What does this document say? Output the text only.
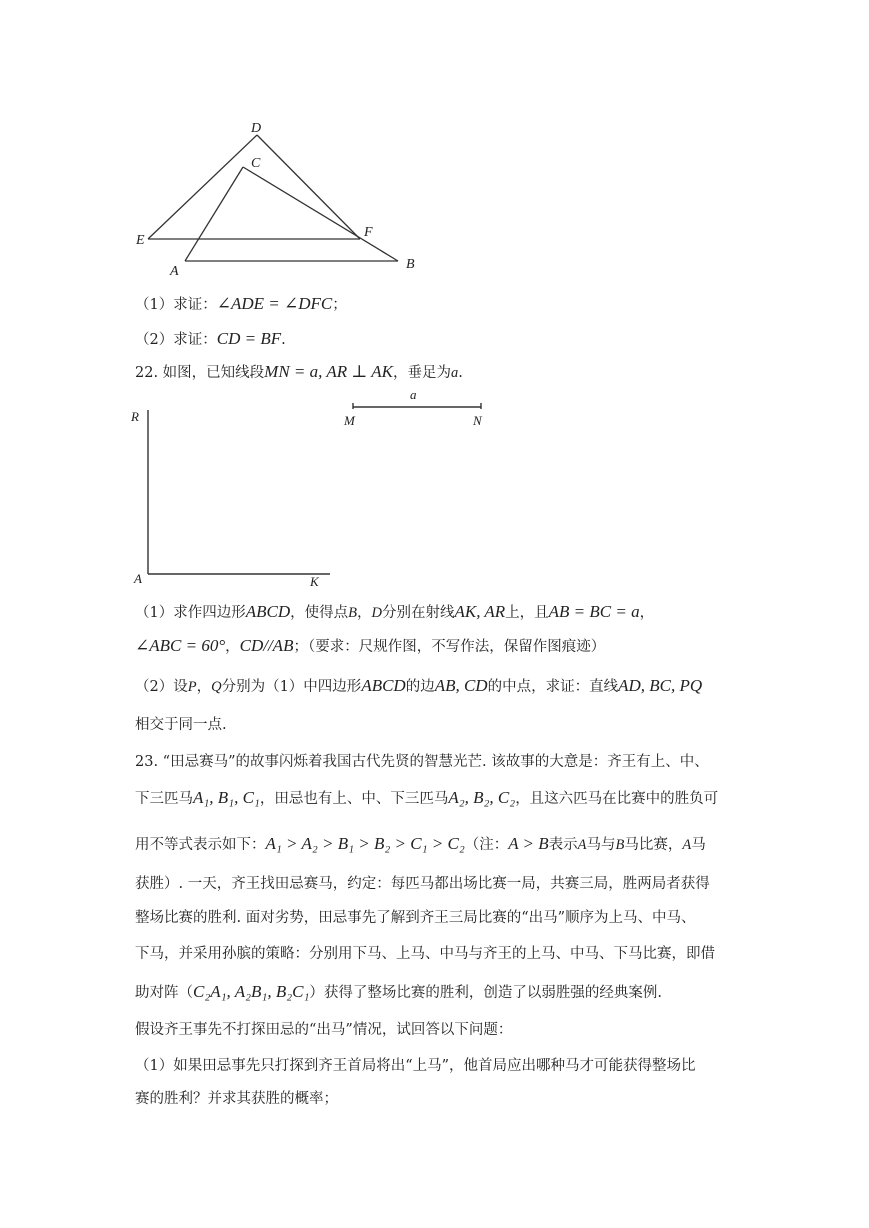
D
C
E
F
A	B
（1）求证：∠ADE = ∠DFC；
（2）求证：CD = BF.
22. 如图，已知线段MN = a, AR ⊥ AK，垂足为a.
R
A	K
M	N
a
（1）求作四边形ABCD，使得点B，D分别在射线AK, AR上，且AB = BC = a，
∠ABC = 60°，CD//AB；（要求：尺规作图，不写作法，保留作图痕迹）
（2）设P，Q分别为（1）中四边形ABCD的边AB, CD的中点，求证：直线AD, BC, PQ
相交于同一点.
23. “田忌赛马”的故事闪烁着我国古代先贤的智慧光芒. 该故事的大意是：齐王有上、中、
下三匹马A₁, B₁, C₁，田忌也有上、中、下三匹马A₂, B₂, C₂，且这六匹马在比赛中的胜负可
用不等式表示如下：A₁ > A₂ > B₁ > B₂ > C₁ > C₂（注：A > B表示A马与B马比赛，A马
获胜）. 一天，齐王找田忌赛马，约定：每匹马都出场比赛一局，共赛三局，胜两局者获得
整场比赛的胜利. 面对劣势，田忌事先了解到齐王三局比赛的“出马”顺序为上马、中马、
下马，并采用孙膑的策略：分别用下马、上马、中马与齐王的上马、中马、下马比赛，即借
助对阵（C₂A₁, A₂B₁, B₂C₁）获得了整场比赛的胜利，创造了以弱胜强的经典案例.
假设齐王事先不打探田忌的“出马”情况，试回答以下问题：
（1）如果田忌事先只打探到齐王首局将出“上马”，他首局应出哪种马才可能获得整场比
赛的胜利？并求其获胜的概率；
